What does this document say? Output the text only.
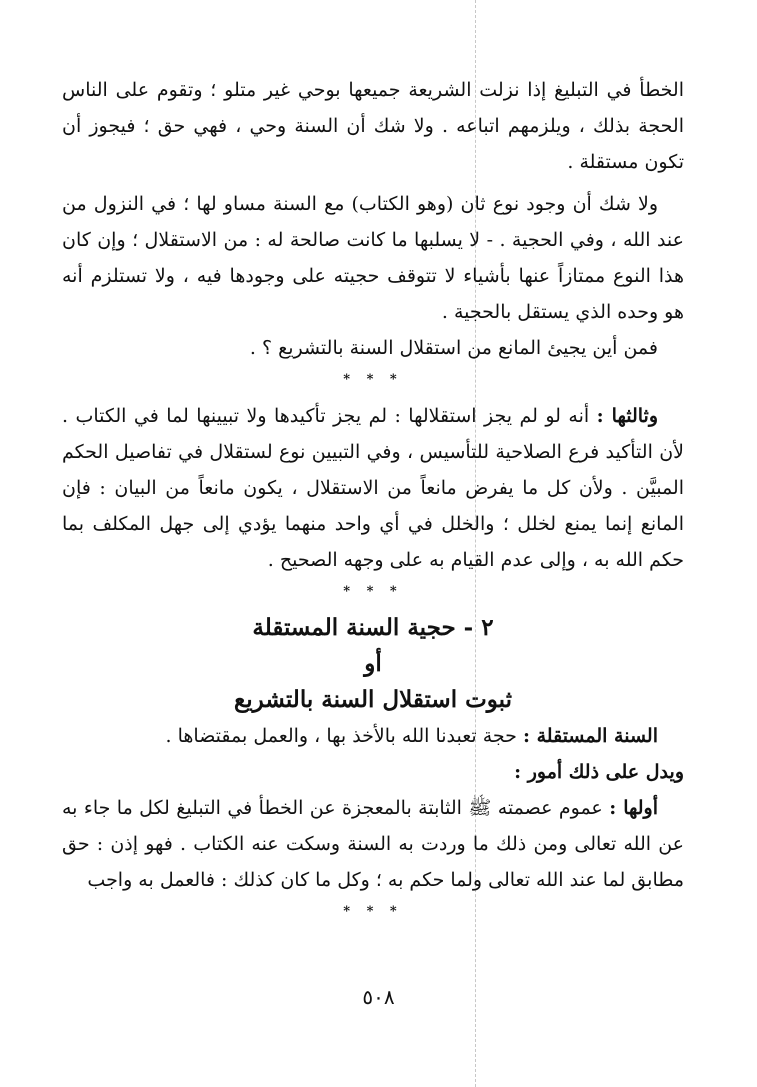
الخطأ في التبليغ إذا نزلت الشريعة جميعها بوحي غير متلو ؛ وتقوم على الناس الحجة بذلك ، ويلزمهم اتباعه . ولا شك أن السنة وحي ، فهي حق ؛ فيجوز أن تكون مستقلة .

ولا شك أن وجود نوع ثان (وهو الكتاب) مع السنة مساو لها ؛ في النزول من عند الله ، وفي الحجية . - لا يسلبها ما كانت صالحة له : من الاستقلال ؛ وإن كان هذا النوع ممتازاً عنها بأشياء لا تتوقف حجيته على وجودها فيه ، ولا تستلزم أنه هو وحده الذي يستقل بالحجية .

فمن أين يجيئ المانع من استقلال السنة بالتشريع ؟ .

* * *

وثالثها : أنه لو لم يجز استقلالها : لم يجز تأكيدها ولا تبيينها لما في الكتاب . لأن التأكيد فرع الصلاحية للتأسيس ، وفي التبيين نوع لستقلال في تفاصيل الحكم المبيَّن . ولأن كل ما يفرض مانعاً من الاستقلال ، يكون مانعاً من البيان : فإن المانع إنما يمنع لخلل ؛ والخلل في أي واحد منهما يؤدي إلى جهل المكلف بما حكم الله به ، وإلى عدم القيام به على وجهه الصحيح .

* * *
٢ - حجية السنة المستقلة
أو
ثبوت استقلال السنة بالتشريع

السنة المستقلة : حجة تعبدنا الله بالأخذ بها ، والعمل بمقتضاها .

ويدل على ذلك أمور :

أولها : عموم عصمته ﷺ الثابتة بالمعجزة عن الخطأ في التبليغ لكل ما جاء به عن الله تعالى ومن ذلك ما وردت به السنة وسكت عنه الكتاب . فهو إذن : حق مطابق لما عند الله تعالى ولما حكم به ؛ وكل ما كان كذلك : فالعمل به واجب

* * *
٥٠٨
